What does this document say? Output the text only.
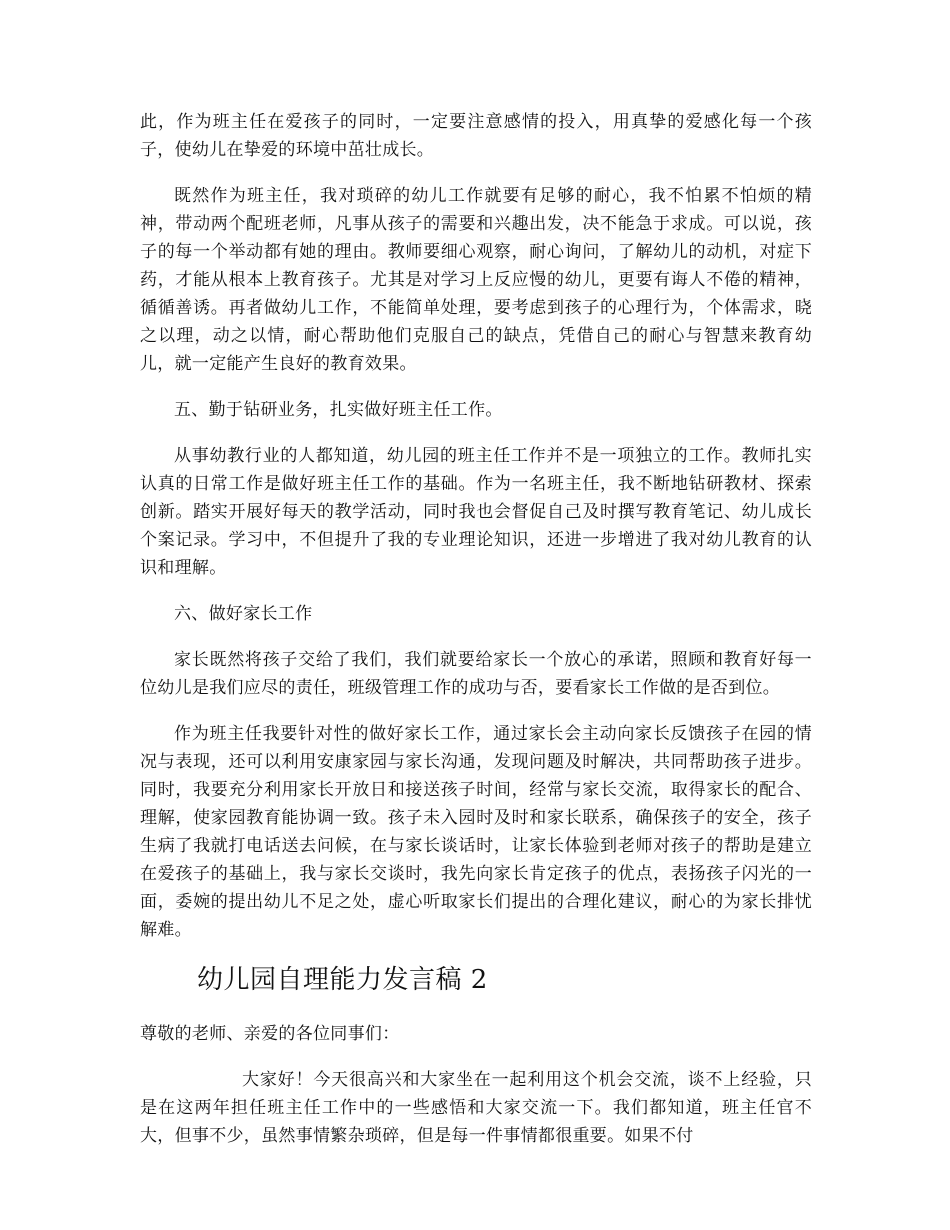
此，作为班主任在爱孩子的同时，一定要注意感情的投入，用真挚的爱感化每一个孩子，使幼儿在挚爱的环境中茁壮成长。

既然作为班主任，我对琐碎的幼儿工作就要有足够的耐心，我不怕累不怕烦的精神，带动两个配班老师，凡事从孩子的需要和兴趣出发，决不能急于求成。可以说，孩子的每一个举动都有她的理由。教师要细心观察，耐心询问，了解幼儿的动机，对症下药，才能从根本上教育孩子。尤其是对学习上反应慢的幼儿，更要有诲人不倦的精神，循循善诱。再者做幼儿工作，不能简单处理，要考虑到孩子的心理行为，个体需求，晓之以理，动之以情，耐心帮助他们克服自己的缺点，凭借自己的耐心与智慧来教育幼儿，就一定能产生良好的教育效果。

五、勤于钻研业务，扎实做好班主任工作。

从事幼教行业的人都知道，幼儿园的班主任工作并不是一项独立的工作。教师扎实认真的日常工作是做好班主任工作的基础。作为一名班主任，我不断地钻研教材、探索创新。踏实开展好每天的教学活动，同时我也会督促自己及时撰写教育笔记、幼儿成长个案记录。学习中，不但提升了我的专业理论知识，还进一步增进了我对幼儿教育的认识和理解。

六、做好家长工作

家长既然将孩子交给了我们，我们就要给家长一个放心的承诺，照顾和教育好每一位幼儿是我们应尽的责任，班级管理工作的成功与否，要看家长工作做的是否到位。

作为班主任我要针对性的做好家长工作，通过家长会主动向家长反馈孩子在园的情况与表现，还可以利用安康家园与家长沟通，发现问题及时解决，共同帮助孩子进步。同时，我要充分利用家长开放日和接送孩子时间，经常与家长交流，取得家长的配合、理解，使家园教育能协调一致。孩子未入园时及时和家长联系，确保孩子的安全，孩子生病了我就打电话送去问候，在与家长谈话时，让家长体验到老师对孩子的帮助是建立在爱孩子的基础上，我与家长交谈时，我先向家长肯定孩子的优点，表扬孩子闪光的一面，委婉的提出幼儿不足之处，虚心听取家长们提出的合理化建议，耐心的为家长排忧解难。

幼儿园自理能力发言稿 2

尊敬的老师、亲爱的各位同事们：

大家好！今天很高兴和大家坐在一起利用这个机会交流，谈不上经验，只是在这两年担任班主任工作中的一些感悟和大家交流一下。我们都知道，班主任官不大，但事不少，虽然事情繁杂琐碎，但是每一件事情都很重要。如果不付
